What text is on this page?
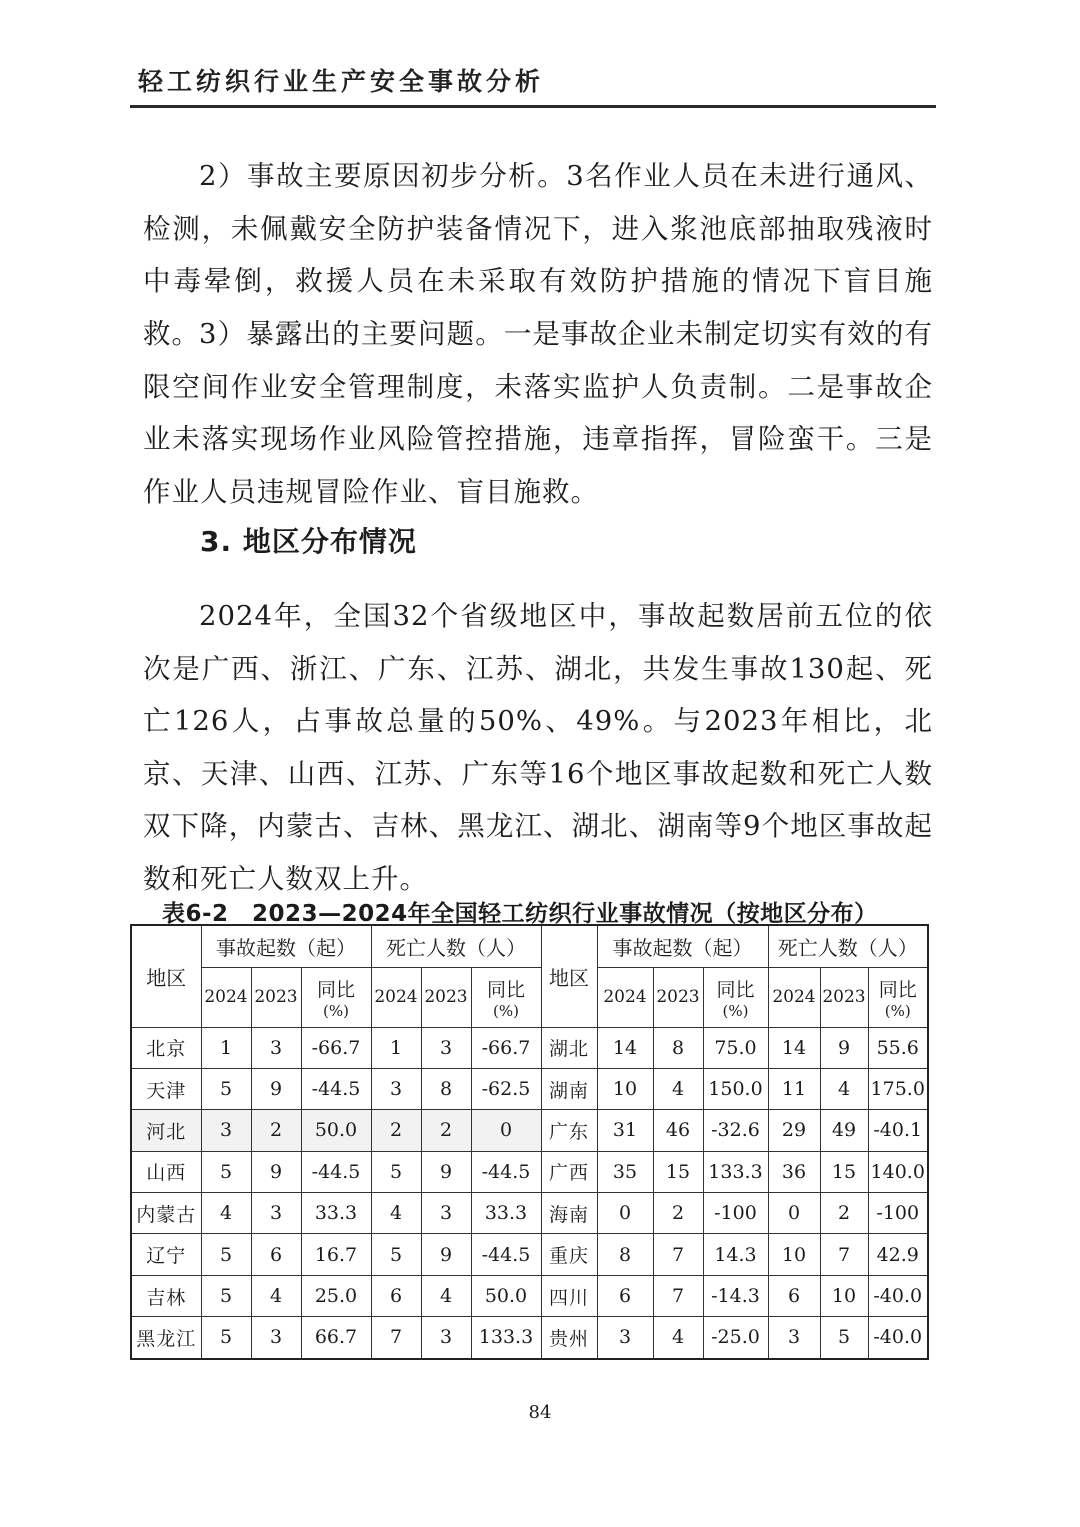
轻工纺织行业生产安全事故分析

2）事故主要原因初步分析。3名作业人员在未进行通风、检测，未佩戴安全防护装备情况下，进入浆池底部抽取残液时中毒晕倒，救援人员在未采取有效防护措施的情况下盲目施救。 3）暴露出的主要问题。一是事故企业未制定切实有效的有限空间作业安全管理制度，未落实监护人负责制。二是事故企业未落实现场作业风险管控措施，违章指挥，冒险蛮干。三是作业人员违规冒险作业、盲目施救。

3. 地区分布情况

2024年，全国32个省级地区中，事故起数居前五位的依次是广西、浙江、广东、江苏、湖北，共发生事故130起、死亡126人，占事故总量的50%、49%。与2023年相比，北京、天津、山西、江苏、广东等16个地区事故起数和死亡人数双下降，内蒙古、吉林、黑龙江、湖北、湖南等9个地区事故起数和死亡人数双上升。

表6-2　2023—2024年全国轻工纺织行业事故情况（按地区分布）
地区	事故起数（起）			死亡人数（人）			地区	事故起数（起）			死亡人数（人）		
	2024	2023	同比
(%)	2024	2023	同比
(%)		2024	2023	同比
(%)	2024	2023	同比
(%)

北京	1	3	-66.7	1	3	-66.7	湖北	14	8	75.0	14	9	55.6
天津	5	9	-44.5	3	8	-62.5	湖南	10	4	150.0	11	4	175.0
河北	3	2	50.0	2	2	0	广东	31	46	-32.6	29	49	-40.1
山西	5	9	-44.5	5	9	-44.5	广西	35	15	133.3	36	15	140.0
内蒙古	4	3	33.3	4	3	33.3	海南	0	2	-100	0	2	-100
辽宁	5	6	16.7	5	9	-44.5	重庆	8	7	14.3	10	7	42.9
吉林	5	4	25.0	6	4	50.0	四川	6	7	-14.3	6	10	-40.0
黑龙江	5	3	66.7	7	3	133.3	贵州	3	4	-25.0	3	5	-40.0
84
